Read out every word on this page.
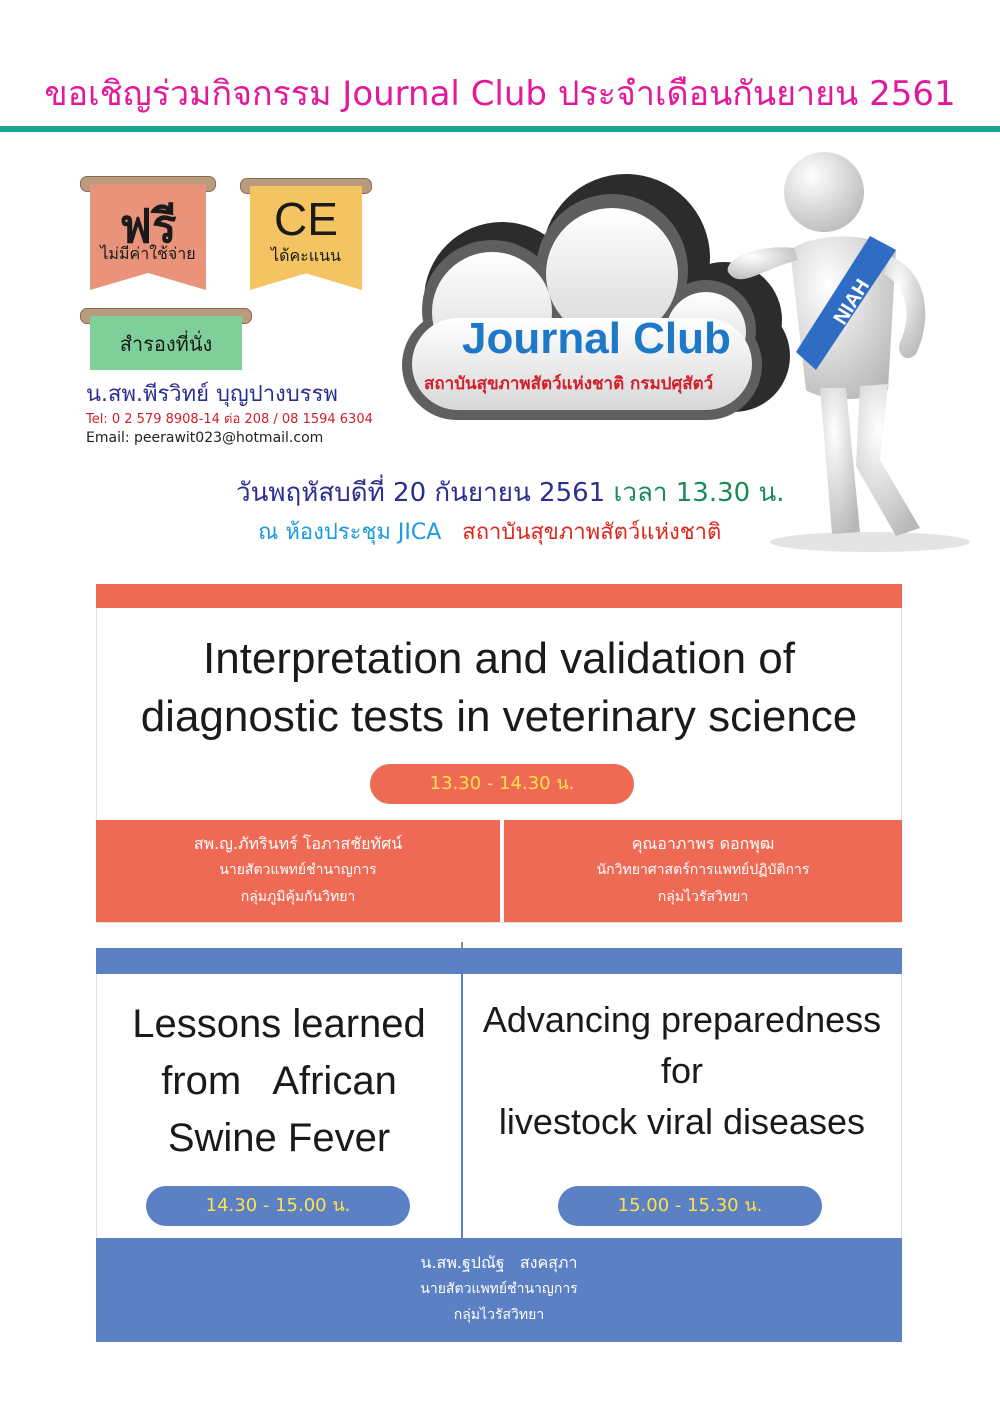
ขอเชิญร่วมกิจกรรม Journal Club ประจำเดือนกันยายน 2561
ฟรี
ไม่มีค่าใช้จ่าย
CE
ได้คะแนน
สำรองที่นั่ง
น.สพ.พีรวิทย์ บุญปางบรรพ
Tel: 0 2 579 8908-14 ต่อ 208 / 08 1594 6304
Email: peerawit023@hotmail.com
Journal Club
สถาบันสุขภาพสัตว์แห่งชาติ กรมปศุสัตว์
NIAH
วันพฤหัสบดีที่ 20 กันยายน 2561 เวลา 13.30 น.
ณ ห้องประชุม JICA สถาบันสุขภาพสัตว์แห่งชาติ
Interpretation and validation of
diagnostic tests in veterinary science
13.30 - 14.30 น.
สพ.ญ.ภัทรินทร์ โอภาสชัยทัศน์
นายสัตวแพทย์ชำนาญการ
กลุ่มภูมิคุ้มกันวิทยา
คุณอาภาพร ดอกพุฒ
นักวิทยาศาสตร์การแพทย์ปฏิบัติการ
กลุ่มไวรัสวิทยา
Lessons learned
from   African
Swine Fever
14.30 - 15.00 น.
Advancing preparedness
for
livestock viral diseases
15.00 - 15.30 น.
น.สพ.ฐปณัฐ   สงคสุภา
นายสัตวแพทย์ชำนาญการ
กลุ่มไวรัสวิทยา
